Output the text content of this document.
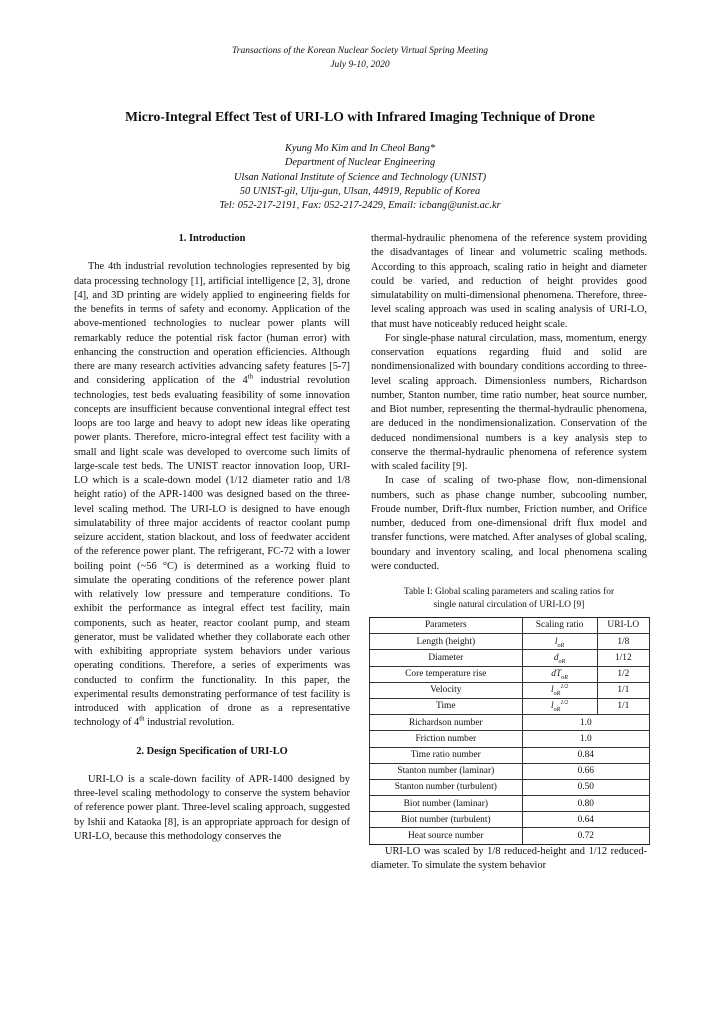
Transactions of the Korean Nuclear Society Virtual Spring Meeting
July 9-10, 2020
Micro-Integral Effect Test of URI-LO with Infrared Imaging Technique of Drone
Kyung Mo Kim and In Cheol Bang*
Department of Nuclear Engineering
Ulsan National Institute of Science and Technology (UNIST)
50 UNIST-gil, Ulju-gun, Ulsan, 44919, Republic of Korea
Tel: 052-217-2191, Fax: 052-217-2429, Email: icbang@unist.ac.kr
1. Introduction

The 4th industrial revolution technologies represented by big data processing technology [1], artificial intelligence [2, 3], drone [4], and 3D printing are widely applied to engineering fields for the benefits in terms of safety and economy. Application of the above-mentioned technologies to nuclear power plants will remarkably reduce the potential risk factor (human error) with enhancing the construction and operation efficiencies. Although there are many research activities advancing safety features [5-7] and considering application of the 4th industrial revolution technologies, test beds evaluating feasibility of some innovation concepts are insufficient because conventional integral effect test loops are too large and heavy to adopt new ideas like operating power plants. Therefore, micro-integral effect test facility with a small and light scale was developed to overcome such limits of large-scale test beds. The UNIST reactor innovation loop, URI-LO which is a scale-down model (1/12 diameter ratio and 1/8 height ratio) of the APR-1400 was designed based on the three-level scaling method. The URI-LO is designed to have enough simulatability of three major accidents of reactor coolant pump seizure accident, station blackout, and loss of feedwater accident of the reference power plant. The refrigerant, FC-72 with a lower boiling point (~56 °C) is determined as a working fluid to simulate the operating conditions of the reference power plant with relatively low pressure and temperature conditions. To exhibit the performance as integral effect test facility, main components, such as heater, reactor coolant pump, and steam generator, must be validated whether they collaborate each other with exhibiting appropriate system behaviors under various operating conditions. Therefore, a series of experiments was conducted to confirm the functionality. In this paper, the experimental results demonstrating performance of test facility is introduced with application of drone as a representative technology of 4th industrial revolution.

2. Design Specification of URI-LO

URI-LO is a scale-down facility of APR-1400 designed by three-level scaling methodology to conserve the system behavior of reference power plant. Three-level scaling approach, suggested by Ishii and Kataoka [8], is an appropriate approach for design of URI-LO, because this methodology conserves the

thermal-hydraulic phenomena of the reference system providing the disadvantages of linear and volumetric scaling methods. According to this approach, scaling ratio in height and diameter could be varied, and reduction of height provides good simulatability on multi-dimensional phenomena. Therefore, three-level scaling approach was used in scaling analysis of URI-LO, that must have noticeably reduced height scale.

For single-phase natural circulation, mass, momentum, energy conservation equations regarding fluid and solid are nondimensionalized with boundary conditions according to three-level scaling approach. Dimensionless numbers, Richardson number, Stanton number, time ratio number, heat source number, and Biot number, representing the thermal-hydraulic phenomena, are deduced in the nondimensionalization. Conservation of the deduced nondimensional numbers is a key analysis step to conserve the thermal-hydraulic phenomena of reference system with scaled facility [9].

In case of scaling of two-phase flow, non-dimensional numbers, such as phase change number, subcooling number, Froude number, Drift-flux number, Friction number, and Orifice number, deduced from one-dimensional drift flux model and transfer functions, were matched. After analyses of global scaling, boundary and inventory scaling, and local phenomena scaling were conducted.

Table I: Global scaling parameters and scaling ratios for
single natural circulation of URI-LO [9]
Parameters	Scaling ratio	URI-LO
Length (height)	$l_{oR}$	1/8
Diameter	$d_{oR}$	1/12
Core temperature rise	$dT_{oR}$	1/2
Velocity	$l_{oR}^{1/2}$	1/1
Time	$l_{oR}^{1/2}$	1/1
Richardson number	1.0	
Friction number	1.0	
Time ratio number	0.84	
Stanton number (laminar)	0.66	
Stanton number (turbulent)	0.50	
Biot number (laminar)	0.80	
Biot number (turbulent)	0.64	
Heat source number	0.72	

URI-LO was scaled by 1/8 reduced-height and 1/12 reduced-diameter. To simulate the system behavior
